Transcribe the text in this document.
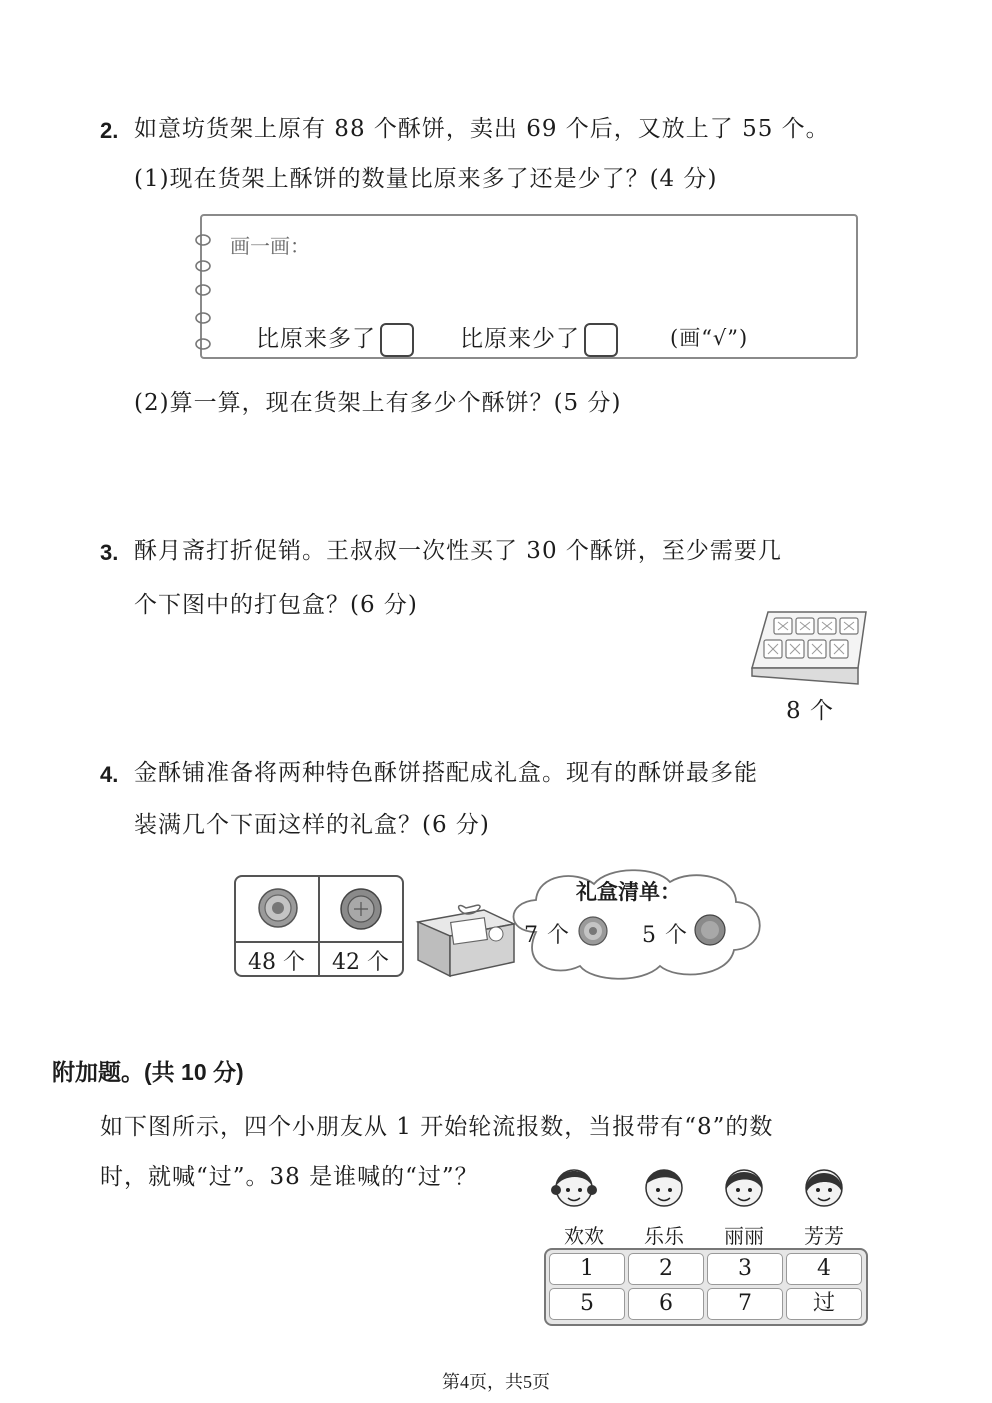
2. 如意坊货架上原有 88 个酥饼，卖出 69 个后，又放上了 55 个。
(1)现在货架上酥饼的数量比原来多了还是少了？(4 分)
画一画：
比原来多了	比原来少了	(画“√”)
(2)算一算，现在货架上有多少个酥饼？(5 分)
3. 酥月斋打折促销。王叔叔一次性买了 30 个酥饼，至少需要几
个下图中的打包盒？(6 分)
8 个
4. 金酥铺准备将两种特色酥饼搭配成礼盒。现有的酥饼最多能
装满几个下面这样的礼盒？(6 分)
48 个 42 个
礼盒清单：
7 个	5 个
附加题。(共 10 分)
如下图所示，四个小朋友从 1 开始轮流报数，当报带有“8”的数
时，就喊“过”。38 是谁喊的“过”？
欢欢	乐乐	丽丽	芳芳
1	2	3	4
5	6	7	过
第4页，共5页
